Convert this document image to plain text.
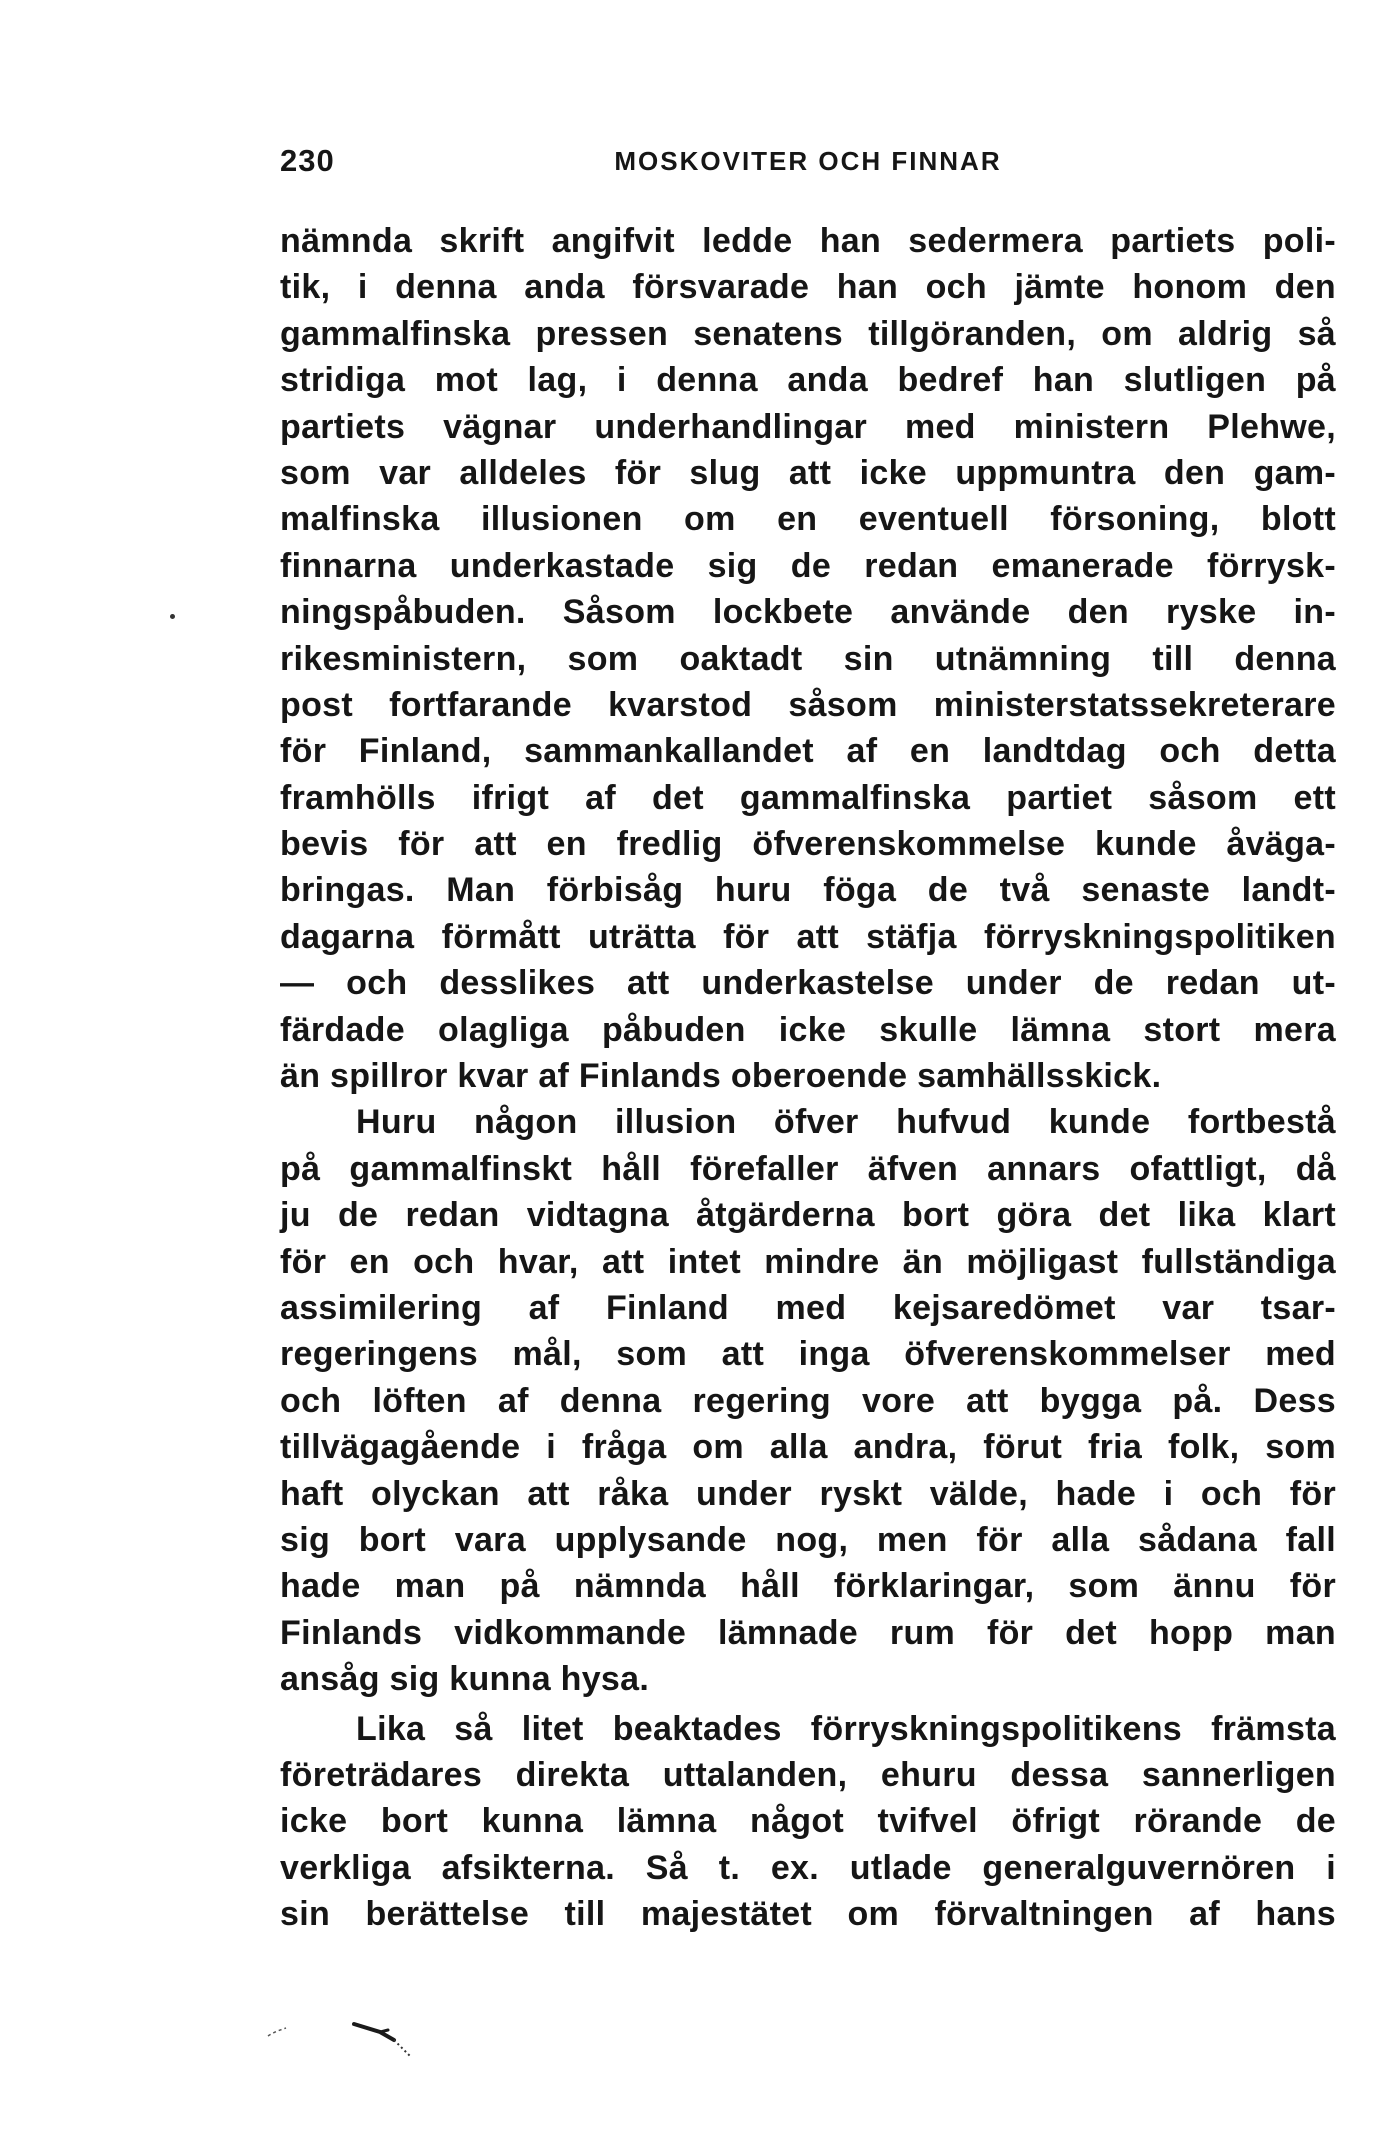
230	MOSKOVITER OCH FINNAR
nämnda skrift angifvit ledde han sedermera partiets poli-
tik, i denna anda försvarade han och jämte honom den
gammalfinska pressen senatens tillgöranden, om aldrig så
stridiga mot lag, i denna anda bedref han slutligen på
partiets vägnar underhandlingar med ministern Plehwe,
som var alldeles för slug att icke uppmuntra den gam-
malfinska illusionen om en eventuell försoning, blott
finnarna underkastade sig de redan emanerade förrysk-
ningspåbuden. Såsom lockbete använde den ryske in-
rikesministern, som oaktadt sin utnämning till denna
post fortfarande kvarstod såsom ministerstatssekreterare
för Finland, sammankallandet af en landtdag och detta
framhölls ifrigt af det gammalfinska partiet såsom ett
bevis för att en fredlig öfverenskommelse kunde åväga-
bringas. Man förbisåg huru föga de två senaste landt-
dagarna förmått uträtta för att stäfja förryskningspolitiken
— och desslikes att underkastelse under de redan ut-
färdade olagliga påbuden icke skulle lämna stort mera
än spillror kvar af Finlands oberoende samhällsskick.
Huru någon illusion öfver hufvud kunde fortbestå
på gammalfinskt håll förefaller äfven annars ofattligt, då
ju de redan vidtagna åtgärderna bort göra det lika klart
för en och hvar, att intet mindre än möjligast fullständiga
assimilering af Finland med kejsaredömet var tsar-
regeringens mål, som att inga öfverenskommelser med
och löften af denna regering vore att bygga på. Dess
tillvägagående i fråga om alla andra, förut fria folk, som
haft olyckan att råka under ryskt välde, hade i och för
sig bort vara upplysande nog, men för alla sådana fall
hade man på nämnda håll förklaringar, som ännu för
Finlands vidkommande lämnade rum för det hopp man
ansåg sig kunna hysa.
Lika så litet beaktades förryskningspolitikens främsta
företrädares direkta uttalanden, ehuru dessa sannerligen
icke bort kunna lämna något tvifvel öfrigt rörande de
verkliga afsikterna. Så t. ex. utlade generalguvernören i
sin berättelse till majestätet om förvaltningen af hans
